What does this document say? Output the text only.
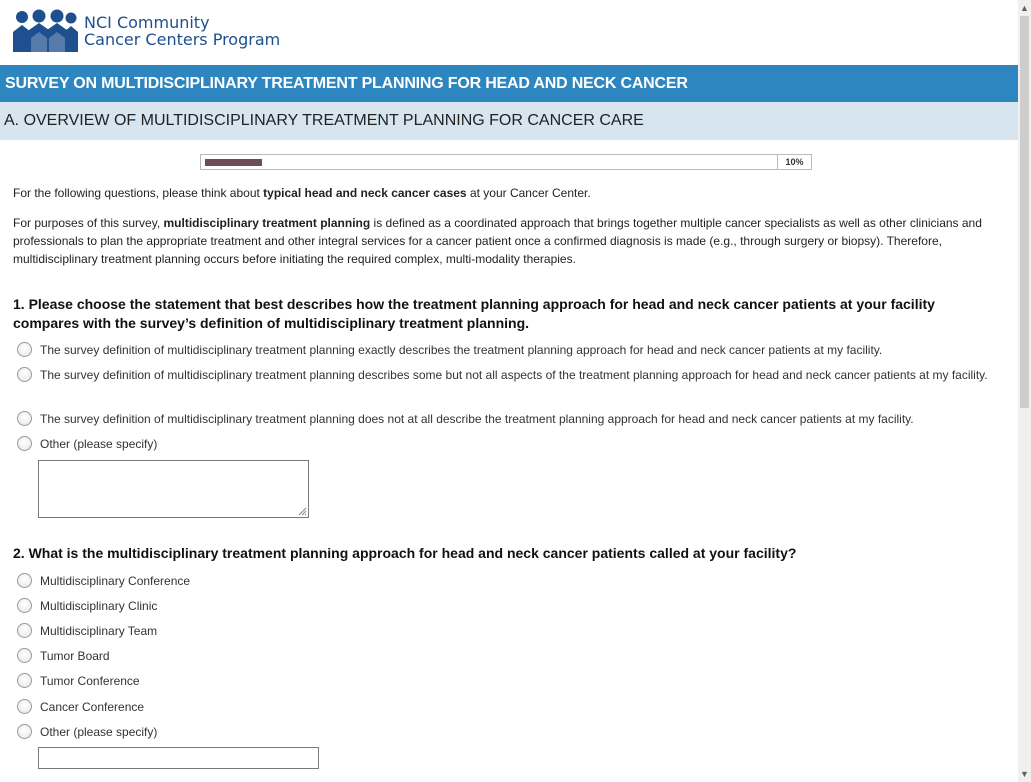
NCI Community
Cancer Centers Program
SURVEY ON MULTIDISCIPLINARY TREATMENT PLANNING FOR HEAD AND NECK CANCER
A. OVERVIEW OF MULTIDISCIPLINARY TREATMENT PLANNING FOR CANCER CARE
10%
For the following questions, please think about typical head and neck cancer cases at your Cancer Center.
For purposes of this survey, multidisciplinary treatment planning is defined as a coordinated approach that brings together multiple cancer specialists as well as other clinicians and professionals to plan the appropriate treatment and other integral services for a cancer patient once a confirmed diagnosis is made (e.g., through surgery or biopsy). Therefore, multidisciplinary treatment planning occurs before initiating the required complex, multi-modality therapies.
1. Please choose the statement that best describes how the treatment planning approach for head and neck cancer patients at your facility compares with the survey’s definition of multidisciplinary treatment planning.
The survey definition of multidisciplinary treatment planning exactly describes the treatment planning approach for head and neck cancer patients at my facility.
The survey definition of multidisciplinary treatment planning describes some but not all aspects of the treatment planning approach for head and neck cancer patients at my facility.
The survey definition of multidisciplinary treatment planning does not at all describe the treatment planning approach for head and neck cancer patients at my facility.
Other (please specify)
2. What is the multidisciplinary treatment planning approach for head and neck cancer patients called at your facility?
Multidisciplinary Conference
Multidisciplinary Clinic
Multidisciplinary Team
Tumor Board
Tumor Conference
Cancer Conference
Other (please specify)
▲
▼
